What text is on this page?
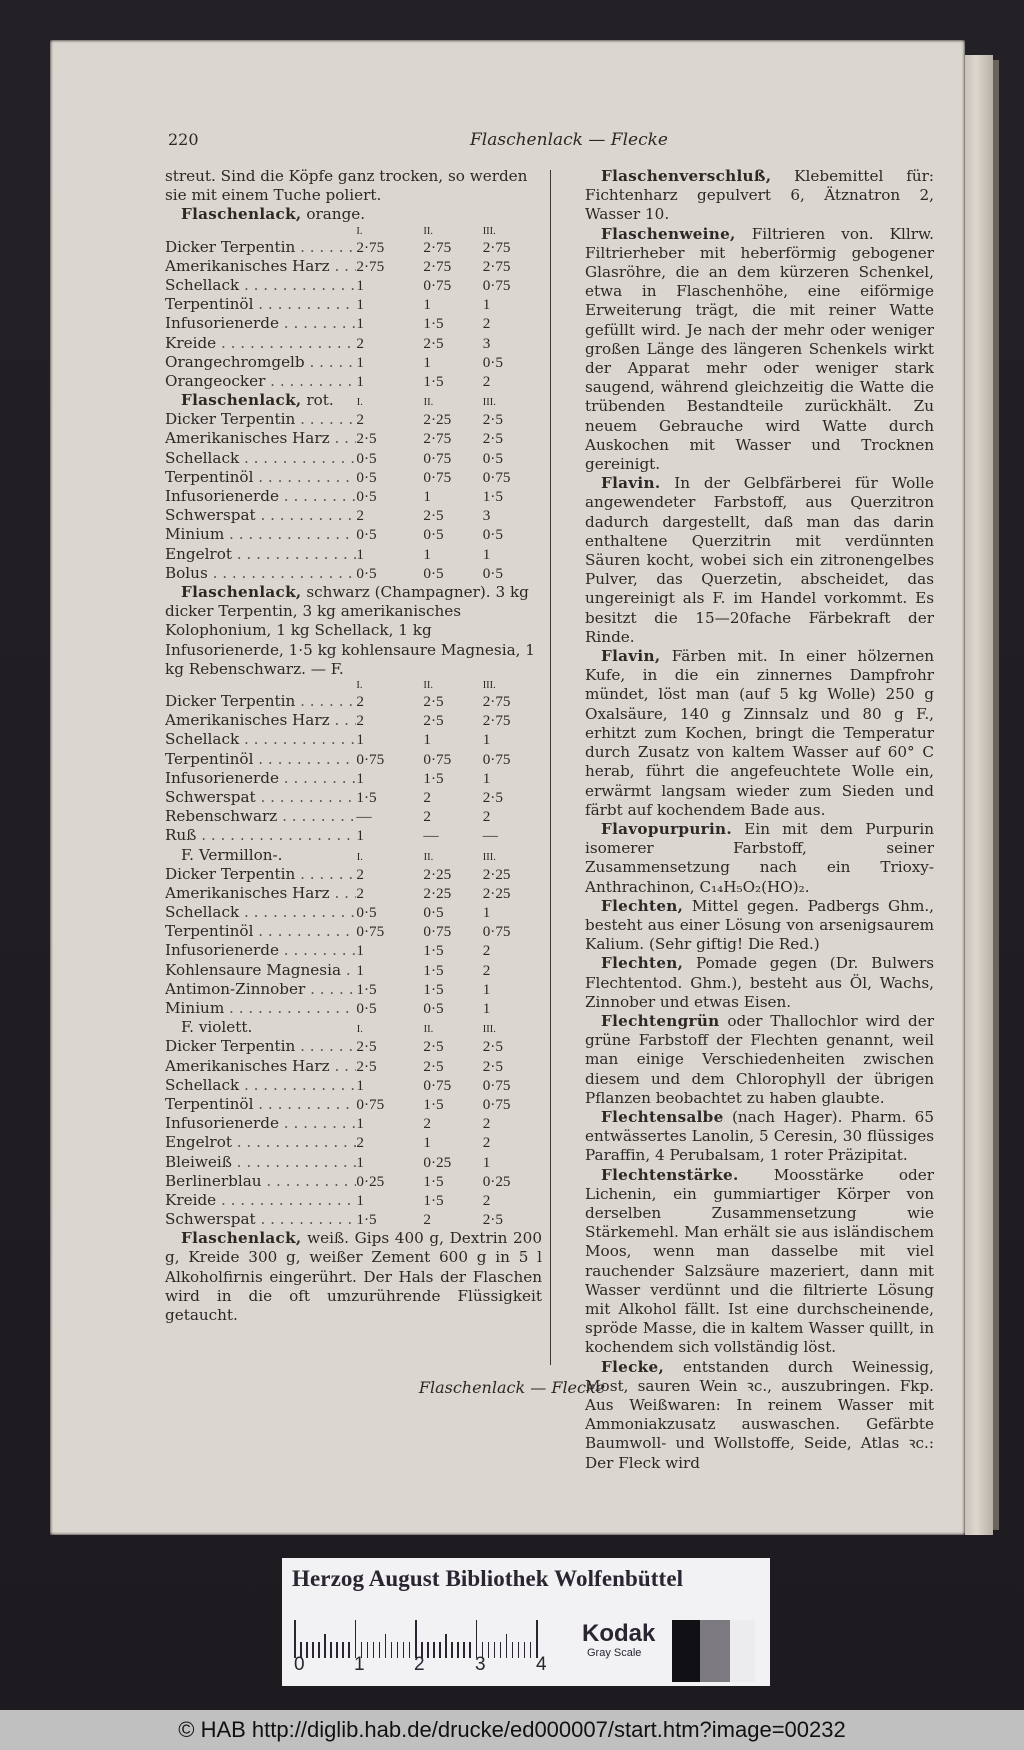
220	Flaschenlack — Flecke

streut. Sind die Köpfe ganz trocken, so werden sie mit einem Tuche poliert.

Flaschenlack, orange.
I.	II.	III.
Dicker Terpentin . . .	2·75	2·75	2·75
Amerikanisches Harz . . .	2·75	2·75	2·75
Schellack . . .	1	0·75	0·75
Terpentinöl . . .	1	1	1
Infusorienerde . . .	1	1·5	2
Kreide . . .	2	2·5	3
Orangechromgelb . . .	1	1	0·5
Orangeocker . . .	1	1·5	2
Flaschenlack, rot.	I.	II.	III.
Dicker Terpentin . . .	2	2·25	2·5
Amerikanisches Harz . . .	2·5	2·75	2·5
Schellack . . .	0·5	0·75	0·5
Terpentinöl . . .	0·5	0·75	0·75
Infusorienerde . . .	0·5	1	1·5
Schwerspat . . .	2	2·5	3
Minium . . .	0·5	0·5	0·5
Engelrot . . .	1	1	1
Bolus . . .	0·5	0·5	0·5

Flaschenlack, schwarz (Champagner). 3 kg dicker Terpentin, 3 kg amerikanisches Kolophonium, 1 kg Schellack, 1 kg Infusorienerde, 1·5 kg kohlensaure Magnesia, 1 kg Rebenschwarz. — F.

I.	II.	III.
Dicker Terpentin . . .	2	2·5	2·75
Amerikanisches Harz . . .	2	2·5	2·75
Schellack . . .	1	1	1
Terpentinöl . . .	0·75	0·75	0·75
Infusorienerde . . .	1	1·5	1
Schwerspat . . .	1·5	2	2·5
Rebenschwarz . . .	—	2	2
Ruß . . .	1	—	—
F. Vermillon-.	I.	II.	III.
Dicker Terpentin . . .	2	2·25	2·25
Amerikanisches Harz . . .	2	2·25	2·25
Schellack . . .	0·5	0·5	1
Terpentinöl . . .	0·75	0·75	0·75
Infusorienerde . . .	1	1·5	2
Kohlensaure Magnesia . . .	1	1·5	2
Antimon-Zinnober . . .	1·5	1·5	1
Minium . . .	0·5	0·5	1
F. violett.	I.	II.	III.
Dicker Terpentin . . .	2·5	2·5	2·5
Amerikanisches Harz . . .	2·5	2·5	2·5
Schellack . . .	1	0·75	0·75
Terpentinöl . . .	0·75	1·5	0·75
Infusorienerde . . .	1	2	2
Engelrot . . .	2	1	2
Bleiweiß . . .	1	0·25	1
Berlinerblau . . .	0·25	1·5	0·25
Kreide . . .	1	1·5	2
Schwerspat . . .	1·5	2	2·5

Flaschenlack, weiß. Gips 400 g, Dextrin 200 g, Kreide 300 g, weißer Zement 600 g in 5 l Alkoholfirnis eingerührt. Der Hals der Flaschen wird in die oft umzurührende Flüssigkeit getaucht.

Flaschenverschluß, Klebemittel für: Fichtenharz gepulvert 6, Ätznatron 2, Wasser 10.

Flaschenweine, Filtrieren von. Kllrw. Filtrierheber mit heberförmig gebogener Glasröhre, die an dem kürzeren Schenkel, etwa in Flaschenhöhe, eine eiförmige Erweiterung trägt, die mit reiner Watte gefüllt wird. Je nach der mehr oder weniger großen Länge des längeren Schenkels wirkt der Apparat mehr oder weniger stark saugend, während gleichzeitig die Watte die trübenden Bestandteile zurückhält. Zu neuem Gebrauche wird Watte durch Auskochen mit Wasser und Trocknen gereinigt.

Flavin. In der Gelbfärberei für Wolle angewendeter Farbstoff, aus Querzitron dadurch dargestellt, daß man das darin enthaltene Querzitrin mit verdünnten Säuren kocht, wobei sich ein zitronengelbes Pulver, das Querzetin, abscheidet, das ungereinigt als F. im Handel vorkommt. Es besitzt die 15—20fache Färbekraft der Rinde.

Flavin, Färben mit. In einer hölzernen Kufe, in die ein zinnernes Dampfrohr mündet, löst man (auf 5 kg Wolle) 250 g Oxalsäure, 140 g Zinnsalz und 80 g F., erhitzt zum Kochen, bringt die Temperatur durch Zusatz von kaltem Wasser auf 60° C herab, führt die angefeuchtete Wolle ein, erwärmt langsam wieder zum Sieden und färbt auf kochendem Bade aus.

Flavopurpurin. Ein mit dem Purpurin isomerer Farbstoff, seiner Zusammensetzung nach ein Trioxy-Anthrachinon, C₁₄H₅O₂(HO)₂.

Flechten, Mittel gegen. Padbergs Ghm., besteht aus einer Lösung von arsenigsaurem Kalium. (Sehr giftig! Die Red.)

Flechten, Pomade gegen (Dr. Bulwers Flechtentod. Ghm.), besteht aus Öl, Wachs, Zinnober und etwas Eisen.

Flechtengrün oder Thallochlor wird der grüne Farbstoff der Flechten genannt, weil man einige Verschiedenheiten zwischen diesem und dem Chlorophyll der übrigen Pflanzen beobachtet zu haben glaubte.

Flechtensalbe (nach Hager). Pharm. 65 entwässertes Lanolin, 5 Ceresin, 30 flüssiges Paraffin, 4 Perubalsam, 1 roter Präzipitat.

Flechtenstärke. Moosstärke oder Lichenin, ein gummiartiger Körper von derselben Zusammensetzung wie Stärkemehl. Man erhält sie aus isländischem Moos, wenn man dasselbe mit viel rauchender Salzsäure mazeriert, dann mit Wasser verdünnt und die filtrierte Lösung mit Alkohol fällt. Ist eine durchscheinende, spröde Masse, die in kaltem Wasser quillt, in kochendem sich vollständig löst.

Flecke, entstanden durch Weinessig, Most, sauren Wein ꝛc., auszubringen. Fkp. Aus Weißwaren: In reinem Wasser mit Ammoniakzusatz auswaschen. Gefärbte Baumwoll- und Wollstoffe, Seide, Atlas ꝛc.: Der Fleck wird

Flaschenlack — Flecke
Herzog August Bibliothek Wolfenbüttel
0	1	2	3	4
Kodak
Gray Scale
© HAB http://diglib.hab.de/drucke/ed000007/start.htm?image=00232
